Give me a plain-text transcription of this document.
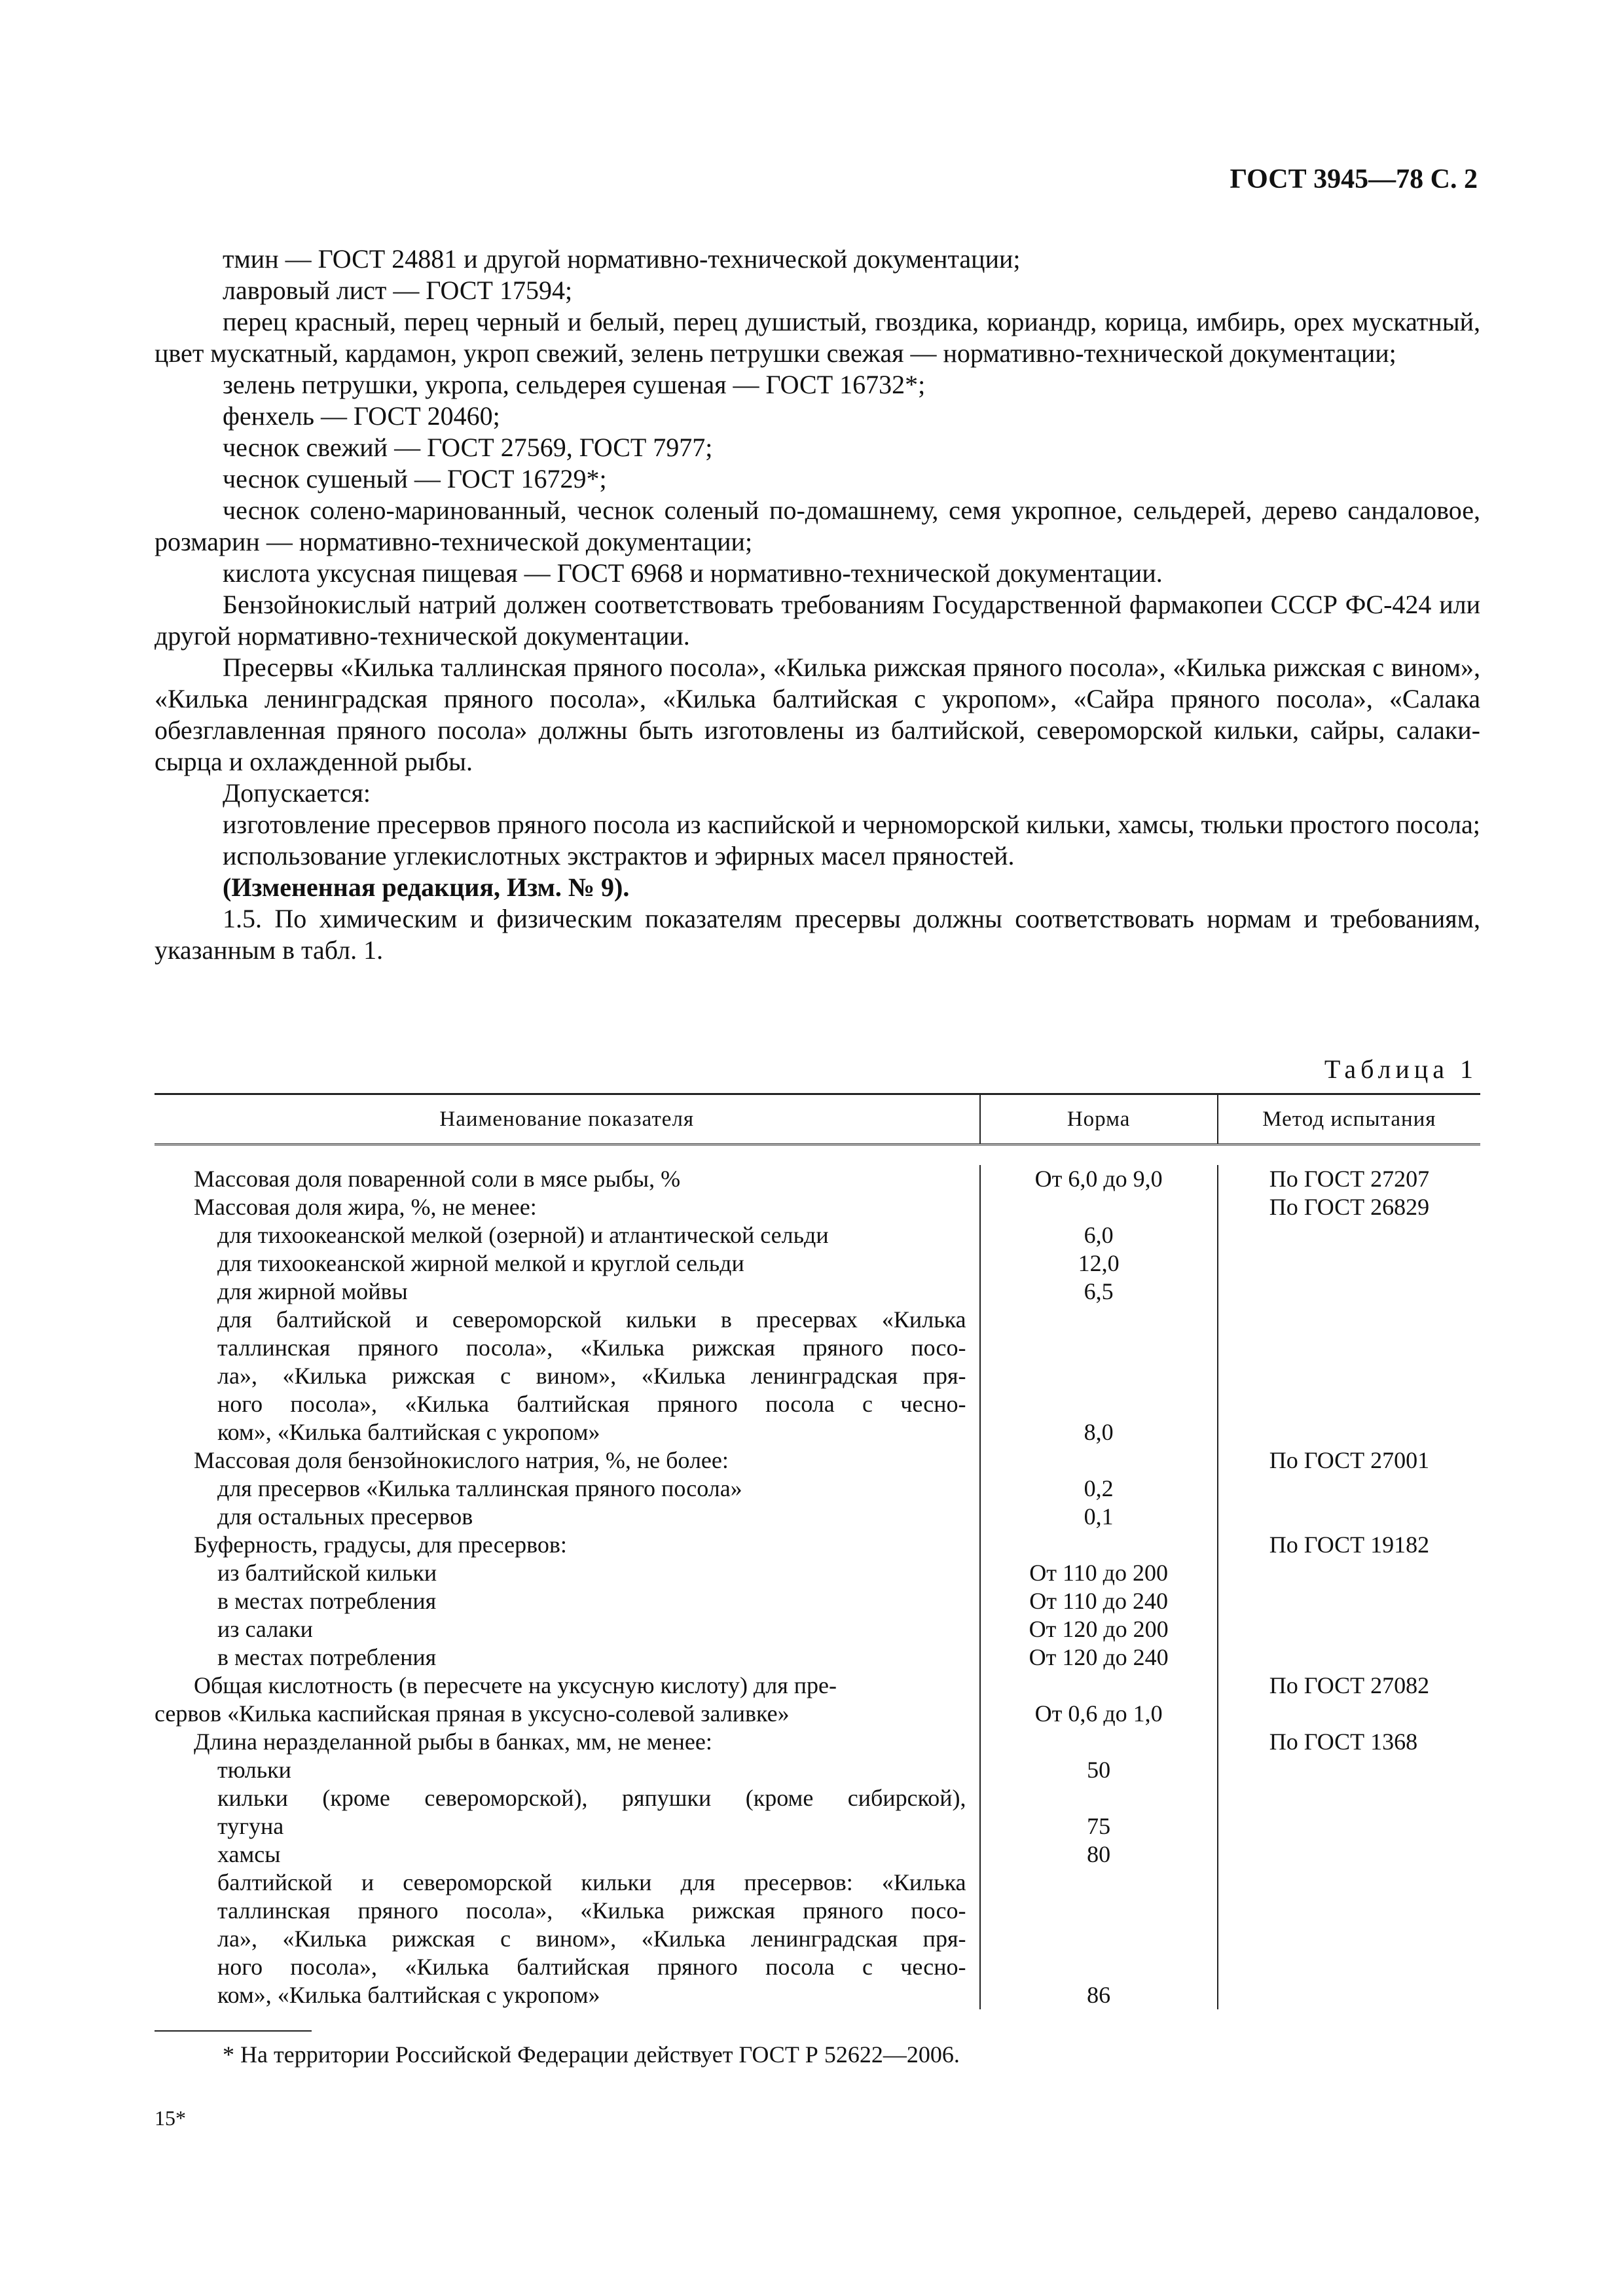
ГОСТ 3945—78 С. 2

тмин — ГОСТ 24881 и другой нормативно-технической документации;

лавровый лист — ГОСТ 17594;

перец красный, перец черный и белый, перец душистый, гвоздика, кориандр, корица, имбирь, орех мускатный, цвет мускатный, кардамон, укроп свежий, зелень петрушки свежая — нормативно-технической документации;

зелень петрушки, укропа, сельдерея сушеная — ГОСТ 16732*;

фенхель — ГОСТ 20460;

чеснок свежий — ГОСТ 27569, ГОСТ 7977;

чеснок сушеный — ГОСТ 16729*;

чеснок солено-маринованный, чеснок соленый по-домашнему, семя укропное, сельдерей, дерево сандаловое, розмарин — нормативно-технической документации;

кислота уксусная пищевая — ГОСТ 6968 и нормативно-технической документации.

Бензойнокислый натрий должен соответствовать требованиям Государственной фармакопеи СССР ФС-424 или другой нормативно-технической документации.

Пресервы «Килька таллинская пряного посола», «Килька рижская пряного посола», «Килька рижская с вином», «Килька ленинградская пряного посола», «Килька балтийская с укропом», «Сайра пряного посола», «Салака обезглавленная пряного посола» должны быть изготовлены из балтийской, североморской кильки, сайры, салаки-сырца и охлажденной рыбы.

Допускается:

изготовление пресервов пряного посола из каспийской и черноморской кильки, хамсы, тюльки простого посола;

использование углекислотных экстрактов и эфирных масел пряностей.

(Измененная редакция, Изм. № 9).

1.5. По химическим и физическим показателям пресервы должны соответствовать нормам и требованиям, указанным в табл. 1.

Таблица 1
Наименование показателя	Норма	Метод испытания
Массовая доля поваренной соли в мясе рыбы, %
Массовая доля жира, %, не менее:
для тихоокеанской мелкой (озерной) и атлантической сельди
для тихоокеанской жирной мелкой и круглой сельди
для жирной мойвы
для балтийской и североморской кильки в пресервах «Килька
таллинская пряного посола», «Килька рижская пряного посо-
ла», «Килька рижская с вином», «Килька ленинградская пря-
ного посола», «Килька балтийская пряного посола с чесно-
ком», «Килька балтийская с укропом»
Массовая доля бензойнокислого натрия, %, не более:
для пресервов «Килька таллинская пряного посола»
для остальных пресервов
Буферность, градусы, для пресервов:
из балтийской кильки
в местах потребления
из салаки
в местах потребления
Общая кислотность (в пересчете на уксусную кислоту) для пре-
сервов «Килька каспийская пряная в уксусно-солевой заливке»
Длина неразделанной рыбы в банках, мм, не менее:
тюльки
кильки (кроме североморской), ряпушки (кроме сибирской),
тугуна
хамсы
балтийской и североморской кильки для пресервов: «Килька
таллинская пряного посола», «Килька рижская пряного посо-
ла», «Килька рижская с вином», «Килька ленинградская пря-
ного посола», «Килька балтийская пряного посола с чесно-
ком», «Килька балтийская с укропом»
От 6,0 до 9,0
6,0
12,0
6,5
8,0
0,2
0,1
От 110 до 200
От 110 до 240
От 120 до 200
От 120 до 240
От 0,6 до 1,0
50
75
80
86
По ГОСТ 27207
По ГОСТ 26829
По ГОСТ 27001
По ГОСТ 19182
По ГОСТ 27082
По ГОСТ 1368
* На территории Российской Федерации действует ГОСТ Р 52622—2006.
15*
